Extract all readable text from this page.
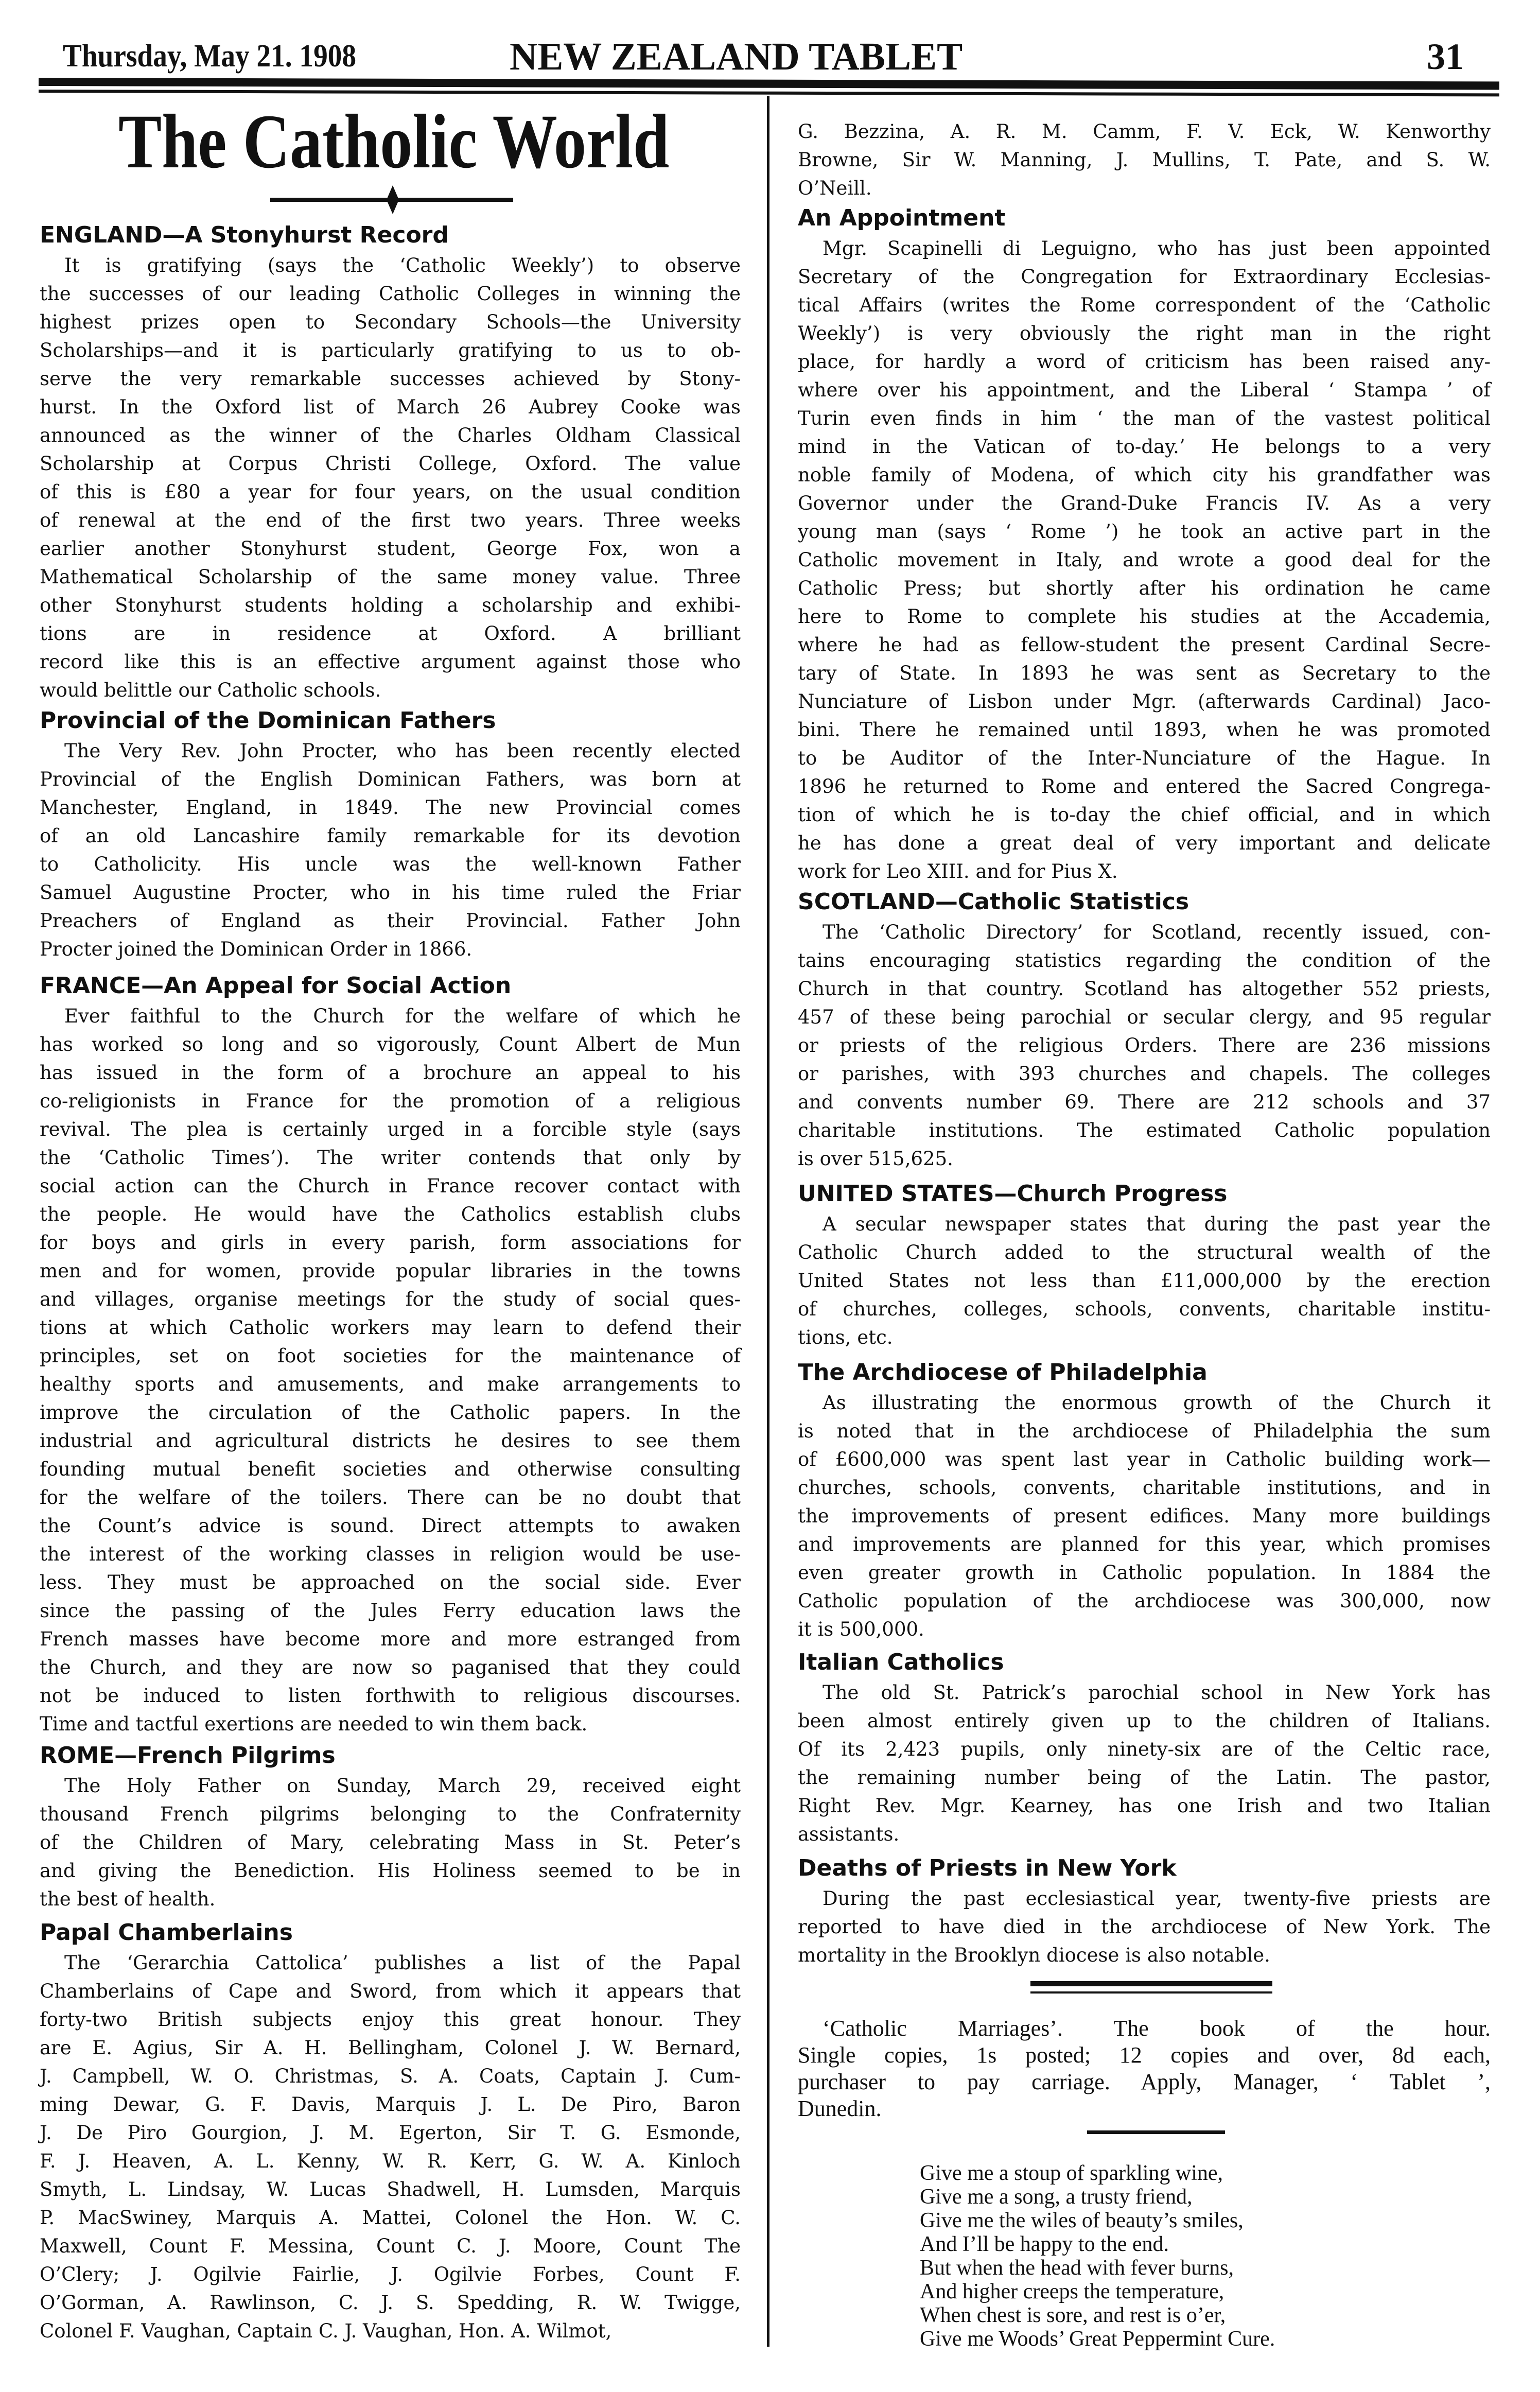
Thursday, May 21. 1908	NEW ZEALAND TABLET	31
The Catholic World
ENGLAND—A Stonyhurst Record
It is gratifying (says the ‘Catholic Weekly’) to observe
the successes of our leading Catholic Colleges in winning the
highest prizes open to Secondary Schools—the University
Scholarships—and it is particularly gratifying to us to ob-
serve the very remarkable successes achieved by Stony-
hurst. In the Oxford list of March 26 Aubrey Cooke was
announced as the winner of the Charles Oldham Classical
Scholarship at Corpus Christi College, Oxford. The value
of this is £80 a year for four years, on the usual condition
of renewal at the end of the first two years. Three weeks
earlier another Stonyhurst student, George Fox, won a
Mathematical Scholarship of the same money value. Three
other Stonyhurst students holding a scholarship and exhibi-
tions are in residence at Oxford. A brilliant
record like this is an effective argument against those who
would belittle our Catholic schools.
Provincial of the Dominican Fathers
The Very Rev. John Procter, who has been recently elected
Provincial of the English Dominican Fathers, was born at
Manchester, England, in 1849. The new Provincial comes
of an old Lancashire family remarkable for its devotion
to Catholicity. His uncle was the well-known Father
Samuel Augustine Procter, who in his time ruled the Friar
Preachers of England as their Provincial. Father John
Procter joined the Dominican Order in 1866.
FRANCE—An Appeal for Social Action
Ever faithful to the Church for the welfare of which he
has worked so long and so vigorously, Count Albert de Mun
has issued in the form of a brochure an appeal to his
co-religionists in France for the promotion of a religious
revival. The plea is certainly urged in a forcible style (says
the ‘Catholic Times’). The writer contends that only by
social action can the Church in France recover contact with
the people. He would have the Catholics establish clubs
for boys and girls in every parish, form associations for
men and for women, provide popular libraries in the towns
and villages, organise meetings for the study of social ques-
tions at which Catholic workers may learn to defend their
principles, set on foot societies for the maintenance of
healthy sports and amusements, and make arrangements to
improve the circulation of the Catholic papers. In the
industrial and agricultural districts he desires to see them
founding mutual benefit societies and otherwise consulting
for the welfare of the toilers. There can be no doubt that
the Count’s advice is sound. Direct attempts to awaken
the interest of the working classes in religion would be use-
less. They must be approached on the social side. Ever
since the passing of the Jules Ferry education laws the
French masses have become more and more estranged from
the Church, and they are now so paganised that they could
not be induced to listen forthwith to religious discourses.
Time and tactful exertions are needed to win them back.
ROME—French Pilgrims
The Holy Father on Sunday, March 29, received eight
thousand French pilgrims belonging to the Confraternity
of the Children of Mary, celebrating Mass in St. Peter’s
and giving the Benediction. His Holiness seemed to be in
the best of health.
Papal Chamberlains
The ‘Gerarchia Cattolica’ publishes a list of the Papal
Chamberlains of Cape and Sword, from which it appears that
forty-two British subjects enjoy this great honour. They
are E. Agius, Sir A. H. Bellingham, Colonel J. W. Bernard,
J. Campbell, W. O. Christmas, S. A. Coats, Captain J. Cum-
ming Dewar, G. F. Davis, Marquis J. L. De Piro, Baron
J. De Piro Gourgion, J. M. Egerton, Sir T. G. Esmonde,
F. J. Heaven, A. L. Kenny, W. R. Kerr, G. W. A. Kinloch
Smyth, L. Lindsay, W. Lucas Shadwell, H. Lumsden, Marquis
P. MacSwiney, Marquis A. Mattei, Colonel the Hon. W. C.
Maxwell, Count F. Messina, Count C. J. Moore, Count The
O’Clery; J. Ogilvie Fairlie, J. Ogilvie Forbes, Count F.
O’Gorman, A. Rawlinson, C. J. S. Spedding, R. W. Twigge,
Colonel F. Vaughan, Captain C. J. Vaughan, Hon. A. Wilmot,
G. Bezzina, A. R. M. Camm, F. V. Eck, W. Kenworthy
Browne, Sir W. Manning, J. Mullins, T. Pate, and S. W.
O’Neill.
An Appointment
Mgr. Scapinelli di Leguigno, who has just been appointed
Secretary of the Congregation for Extraordinary Ecclesias-
tical Affairs (writes the Rome correspondent of the ‘Catholic
Weekly’) is very obviously the right man in the right
place, for hardly a word of criticism has been raised any-
where over his appointment, and the Liberal ‘ Stampa ’ of
Turin even finds in him ‘ the man of the vastest political
mind in the Vatican of to-day.’ He belongs to a very
noble family of Modena, of which city his grandfather was
Governor under the Grand-Duke Francis IV. As a very
young man (says ‘ Rome ’) he took an active part in the
Catholic movement in Italy, and wrote a good deal for the
Catholic Press; but shortly after his ordination he came
here to Rome to complete his studies at the Accademia,
where he had as fellow-student the present Cardinal Secre-
tary of State. In 1893 he was sent as Secretary to the
Nunciature of Lisbon under Mgr. (afterwards Cardinal) Jaco-
bini. There he remained until 1893, when he was promoted
to be Auditor of the Inter-Nunciature of the Hague. In
1896 he returned to Rome and entered the Sacred Congrega-
tion of which he is to-day the chief official, and in which
he has done a great deal of very important and delicate
work for Leo XIII. and for Pius X.
SCOTLAND—Catholic Statistics
The ‘Catholic Directory’ for Scotland, recently issued, con-
tains encouraging statistics regarding the condition of the
Church in that country. Scotland has altogether 552 priests,
457 of these being parochial or secular clergy, and 95 regular
or priests of the religious Orders. There are 236 missions
or parishes, with 393 churches and chapels. The colleges
and convents number 69. There are 212 schools and 37
charitable institutions. The estimated Catholic population
is over 515,625.
UNITED STATES—Church Progress
A secular newspaper states that during the past year the
Catholic Church added to the structural wealth of the
United States not less than £11,000,000 by the erection
of churches, colleges, schools, convents, charitable institu-
tions, etc.
The Archdiocese of Philadelphia
As illustrating the enormous growth of the Church it
is noted that in the archdiocese of Philadelphia the sum
of £600,000 was spent last year in Catholic building work—
churches, schools, convents, charitable institutions, and in
the improvements of present edifices. Many more buildings
and improvements are planned for this year, which promises
even greater growth in Catholic population. In 1884 the
Catholic population of the archdiocese was 300,000, now
it is 500,000.
Italian Catholics
The old St. Patrick’s parochial school in New York has
been almost entirely given up to the children of Italians.
Of its 2,423 pupils, only ninety-six are of the Celtic race,
the remaining number being of the Latin. The pastor,
Right Rev. Mgr. Kearney, has one Irish and two Italian
assistants.
Deaths of Priests in New York
During the past ecclesiastical year, twenty-five priests are
reported to have died in the archdiocese of New York. The
mortality in the Brooklyn diocese is also notable.
‘Catholic Marriages’. The book of the hour.
Single copies, 1s posted; 12 copies and over, 8d each,
purchaser to pay carriage. Apply, Manager, ‘ Tablet ’,
Dunedin.
Give me a stoup of sparkling wine,
Give me a song, a trusty friend,
Give me the wiles of beauty’s smiles,
And I’ll be happy to the end.
But when the head with fever burns,
And higher creeps the temperature,
When chest is sore, and rest is o’er,
Give me Woods’ Great Peppermint Cure.
